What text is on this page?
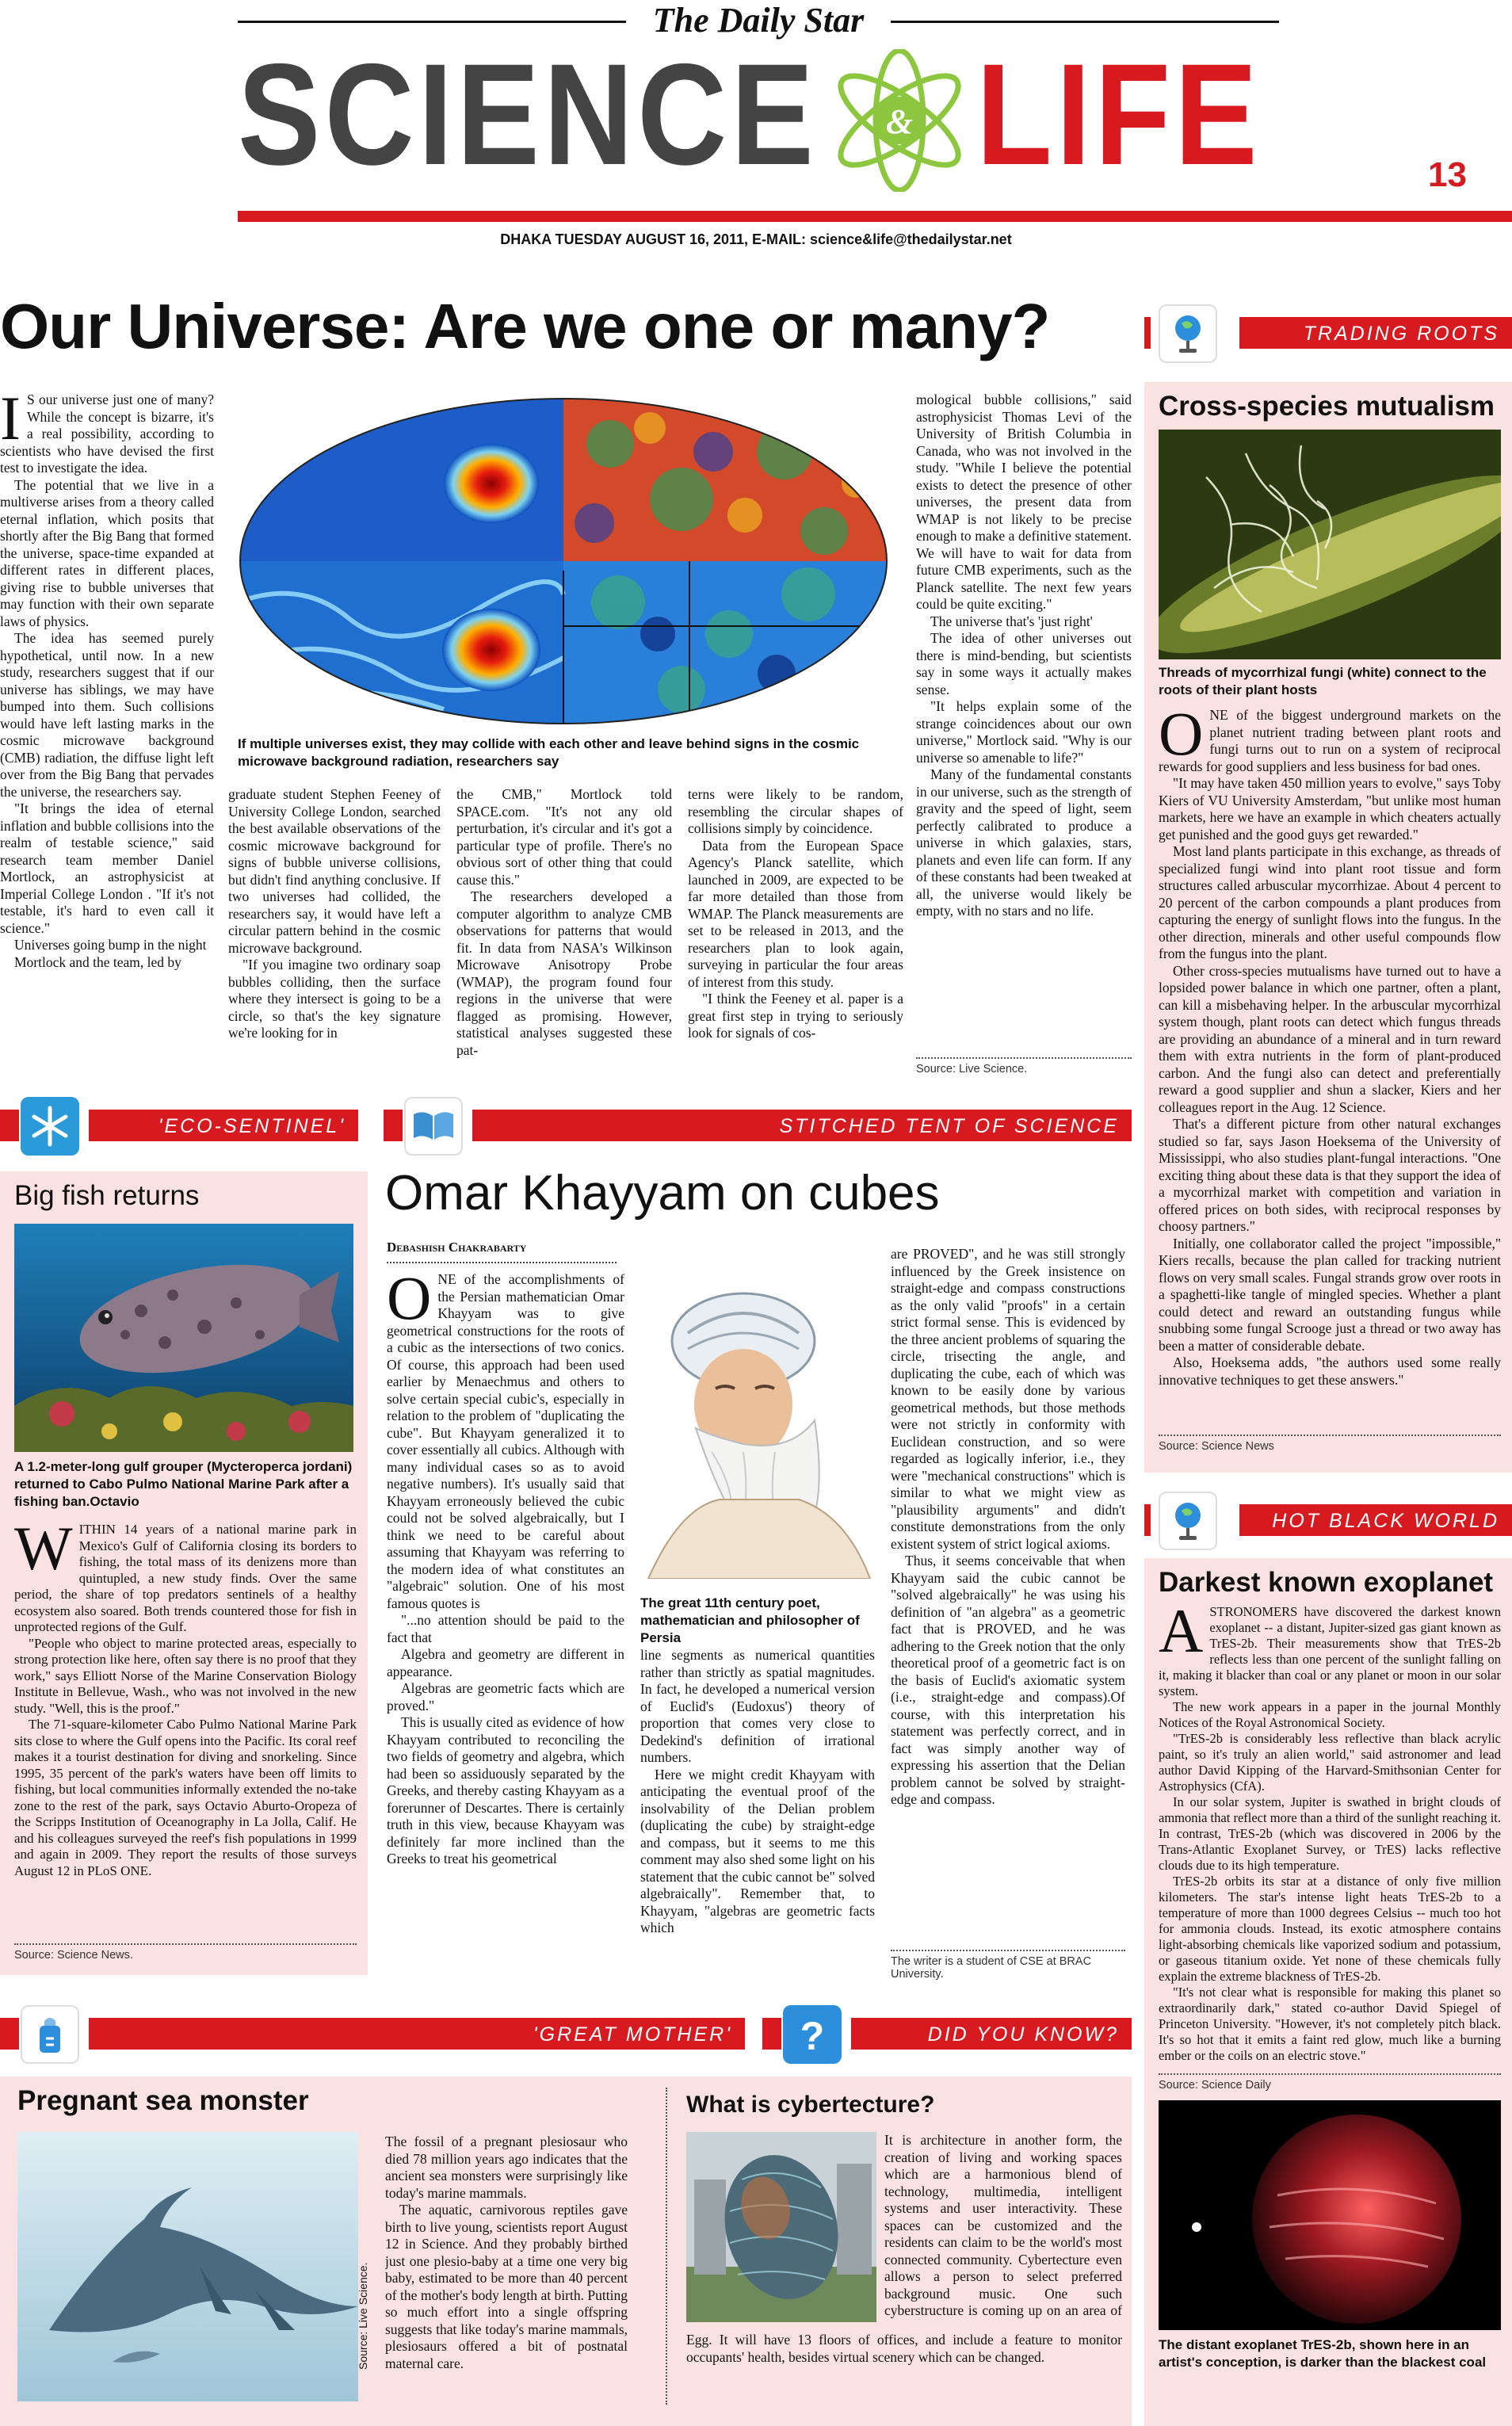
The Daily Star
SCIENCE & LIFE	13
DHAKA TUESDAY AUGUST 16, 2011, E-MAIL: science&life@thedailystar.net
Our Universe: Are we one or many?
If multiple universes exist, they may collide with each other and leave behind signs in the cosmic microwave background radiation, researchers say
I S our universe just one of many? While the concept is bizarre, it's a real possibility, according to scientists who have devised the first test to investigate the idea.

The potential that we live in a multiverse arises from a theory called eternal inflation, which posits that shortly after the Big Bang that formed the universe, space-time expanded at different rates in different places, giving rise to bubble universes that may function with their own separate laws of physics.

The idea has seemed purely hypothetical, until now. In a new study, researchers suggest that if our universe has siblings, we may have bumped into them. Such collisions would have left lasting marks in the cosmic microwave background (CMB) radiation, the diffuse light left over from the Big Bang that pervades the universe, the researchers say.

"It brings the idea of eternal inflation and bubble collisions into the realm of testable science," said research team member Daniel Mortlock, an astrophysicist at Imperial College London . "If it's not testable, it's hard to even call it science."

Universes going bump in the night

Mortlock and the team, led by

graduate student Stephen Feeney of University College London, searched the best available observations of the cosmic microwave background for signs of bubble universe collisions, but didn't find anything conclusive. If two universes had collided, the researchers say, it would have left a circular pattern behind in the cosmic microwave background.

"If you imagine two ordinary soap bubbles colliding, then the surface where they intersect is going to be a circle, so that's the key signature we're looking for in

the CMB," Mortlock told SPACE.com. "It's not any old perturbation, it's circular and it's got a particular type of profile. There's no obvious sort of other thing that could cause this."

The researchers developed a computer algorithm to analyze CMB observations for patterns that would fit. In data from NASA's Wilkinson Microwave Anisotropy Probe (WMAP), the program found four regions in the universe that were flagged as promising. However, statistical analyses suggested these pat-

terns were likely to be random, resembling the circular shapes of collisions simply by coincidence.

Data from the European Space Agency's Planck satellite, which launched in 2009, are expected to be far more detailed than those from WMAP. The Planck measurements are set to be released in 2013, and the researchers plan to look again, surveying in particular the four areas of interest from this study.

"I think the Feeney et al. paper is a great first step in trying to seriously look for signals of cos-

mological bubble collisions," said astrophysicist Thomas Levi of the University of British Columbia in Canada, who was not involved in the study. "While I believe the potential exists to detect the presence of other universes, the present data from WMAP is not likely to be precise enough to make a definitive statement. We will have to wait for data from future CMB experiments, such as the Planck satellite. The next few years could be quite exciting."

The universe that's 'just right'

The idea of other universes out there is mind-bending, but scientists say in some ways it actually makes sense.

"It helps explain some of the strange coincidences about our own universe," Mortlock said. "Why is our universe so amenable to life?"

Many of the fundamental constants in our universe, such as the strength of gravity and the speed of light, seem perfectly calibrated to produce a universe in which galaxies, stars, planets and even life can form. If any of these constants had been tweaked at all, the universe would likely be empty, with no stars and no life.

Source: Live Science.
TRADING ROOTS
Cross-species mutualism
Threads of mycorrhizal fungi (white) connect to the roots of their plant hosts
O NE of the biggest underground markets on the planet nutrient trading between plant roots and fungi turns out to run on a system of reciprocal rewards for good suppliers and less business for bad ones.

"It may have taken 450 million years to evolve," says Toby Kiers of VU University Amsterdam, "but unlike most human markets, here we have an example in which cheaters actually get punished and the good guys get rewarded."

Most land plants participate in this exchange, as threads of specialized fungi wind into plant root tissue and form structures called arbuscular mycorrhizae. About 4 percent to 20 percent of the carbon compounds a plant produces from capturing the energy of sunlight flows into the fungus. In the other direction, minerals and other useful compounds flow from the fungus into the plant.

Other cross-species mutualisms have turned out to have a lopsided power balance in which one partner, often a plant, can kill a misbehaving helper. In the arbuscular mycorrhizal system though, plant roots can detect which fungus threads are providing an abundance of a mineral and in turn reward them with extra nutrients in the form of plant-produced carbon. And the fungi also can detect and preferentially reward a good supplier and shun a slacker, Kiers and her colleagues report in the Aug. 12 Science.

That's a different picture from other natural exchanges studied so far, says Jason Hoeksema of the University of Mississippi, who also studies plant-fungal interactions. "One exciting thing about these data is that they support the idea of a mycorrhizal market with competition and variation in offered prices on both sides, with reciprocal responses by choosy partners."

Initially, one collaborator called the project "impossible," Kiers recalls, because the plan called for tracking nutrient flows on very small scales. Fungal strands grow over roots in a spaghetti-like tangle of mingled species. Whether a plant could detect and reward an outstanding fungus while snubbing some fungal Scrooge just a thread or two away has been a matter of considerable debate.

Also, Hoeksema adds, "the authors used some really innovative techniques to get these answers."

Source: Science News
'ECO-SENTINEL'
Big fish returns
A 1.2-meter-long gulf grouper (Mycteroperca jordani) returned to Cabo Pulmo National Marine Park after a fishing ban.Octavio
W ITHIN 14 years of a national marine park in Mexico's Gulf of California closing its borders to fishing, the total mass of its denizens more than quintupled, a new study finds. Over the same period, the share of top predators sentinels of a healthy ecosystem also soared. Both trends countered those for fish in unprotected regions of the Gulf.

"People who object to marine protected areas, especially to strong protection like here, often say there is no proof that they work," says Elliott Norse of the Marine Conservation Biology Institute in Bellevue, Wash., who was not involved in the new study. "Well, this is the proof."

The 71-square-kilometer Cabo Pulmo National Marine Park sits close to where the Gulf opens into the Pacific. Its coral reef makes it a tourist destination for diving and snorkeling. Since 1995, 35 percent of the park's waters have been off limits to fishing, but local communities informally extended the no-take zone to the rest of the park, says Octavio Aburto-Oropeza of the Scripps Institution of Oceanography in La Jolla, Calif. He and his colleagues surveyed the reef's fish populations in 1999 and again in 2009. They report the results of those surveys August 12 in PLoS ONE.

Source: Science News.
STITCHED TENT OF SCIENCE
Omar Khayyam on cubes
Debashish Chakrabarty
O NE of the accomplishments of the Persian mathematician Omar Khayyam was to give geometrical constructions for the roots of a cubic as the intersections of two conics. Of course, this approach had been used earlier by Menaechmus and others to solve certain special cubic's, especially in relation to the problem of "duplicating the cube". But Khayyam generalized it to cover essentially all cubics. Although with many individual cases so as to avoid negative numbers). It's usually said that Khayyam erroneously believed the cubic could not be solved algebraically, but I think we need to be careful about assuming that Khayyam was referring to the modern idea of what constitutes an "algebraic" solution. One of his most famous quotes is

"...no attention should be paid to the fact that

Algebra and geometry are different in appearance.

Algebras are geometric facts which are proved."

This is usually cited as evidence of how Khayyam contributed to reconciling the two fields of geometry and algebra, which had been so assiduously separated by the Greeks, and thereby casting Khayyam as a forerunner of Descartes. There is certainly truth in this view, because Khayyam was definitely far more inclined than the Greeks to treat his geometrical

The great 11th century poet, mathematician and philosopher of Persia

line segments as numerical quantities rather than strictly as spatial magnitudes. In fact, he developed a numerical version of Euclid's (Eudoxus') theory of proportion that comes very close to Dedekind's definition of irrational numbers.

Here we might credit Khayyam with anticipating the eventual proof of the insolvability of the Delian problem (duplicating the cube) by straight-edge and compass, but it seems to me this comment may also shed some light on his statement that the cubic cannot be" solved algebraically". Remember that, to Khayyam, "algebras are geometric facts which

are PROVED", and he was still strongly influenced by the Greek insistence on straight-edge and compass constructions as the only valid "proofs" in a certain strict formal sense. This is evidenced by the three ancient problems of squaring the circle, trisecting the angle, and duplicating the cube, each of which was known to be easily done by various geometrical methods, but those methods were not strictly in conformity with Euclidean construction, and so were regarded as logically inferior, i.e., they were "mechanical constructions" which is similar to what we might view as "plausibility arguments" and didn't constitute demonstrations from the only existent system of strict logical axioms.

Thus, it seems conceivable that when Khayyam said the cubic cannot be "solved algebraically" he was using his definition of "an algebra" as a geometric fact that is PROVED, and he was adhering to the Greek notion that the only theoretical proof of a geometric fact is on the basis of Euclid's axiomatic system (i.e., straight-edge and compass).Of course, with this interpretation his statement was perfectly correct, and in fact was simply another way of expressing his assertion that the Delian problem cannot be solved by straight-edge and compass.

The writer is a student of CSE at BRAC University.
HOT BLACK WORLD
Darkest known exoplanet
A STRONOMERS have discovered the darkest known exoplanet -- a distant, Jupiter-sized gas giant known as TrES-2b. Their measurements show that TrES-2b reflects less than one percent of the sunlight falling on it, making it blacker than coal or any planet or moon in our solar system.

The new work appears in a paper in the journal Monthly Notices of the Royal Astronomical Society.

"TrES-2b is considerably less reflective than black acrylic paint, so it's truly an alien world," said astronomer and lead author David Kipping of the Harvard-Smithsonian Center for Astrophysics (CfA).

In our solar system, Jupiter is swathed in bright clouds of ammonia that reflect more than a third of the sunlight reaching it. In contrast, TrES-2b (which was discovered in 2006 by the Trans-Atlantic Exoplanet Survey, or TrES) lacks reflective clouds due to its high temperature.

TrES-2b orbits its star at a distance of only five million kilometers. The star's intense light heats TrES-2b to a temperature of more than 1000 degrees Celsius -- much too hot for ammonia clouds. Instead, its exotic atmosphere contains light-absorbing chemicals like vaporized sodium and potassium, or gaseous titanium oxide. Yet none of these chemicals fully explain the extreme blackness of TrES-2b.

"It's not clear what is responsible for making this planet so extraordinarily dark," stated co-author David Spiegel of Princeton University. "However, it's not completely pitch black. It's so hot that it emits a faint red glow, much like a burning ember or the coils on an electric stove."

Source: Science Daily
The distant exoplanet TrES-2b, shown here in an artist's conception, is darker than the blackest coal
'GREAT MOTHER'
Pregnant sea monster
Source: Live Science.

The fossil of a pregnant plesiosaur who died 78 million years ago indicates that the ancient sea monsters were surprisingly like today's marine mammals.

The aquatic, carnivorous reptiles gave birth to live young, scientists report August 12 in Science. And they probably birthed just one plesio-baby at a time one very big baby, estimated to be more than 40 percent of the mother's body length at birth. Putting so much effort into a single offspring suggests that like today's marine mammals, plesiosaurs offered a bit of postnatal maternal care.

?	DID YOU KNOW?
What is cybertecture?
It is architecture in another form, the creation of living and working spaces which are a harmonious blend of technology, multimedia, intelligent systems and user interactivity. These spaces can be customized and the residents can claim to be the world's most connected community. Cybertecture even allows a person to select preferred background music. One such cyberstructure is coming up on an area of
Egg. It will have 13 floors of offices, and include a feature to monitor occupants' health, besides virtual scenery which can be changed.
